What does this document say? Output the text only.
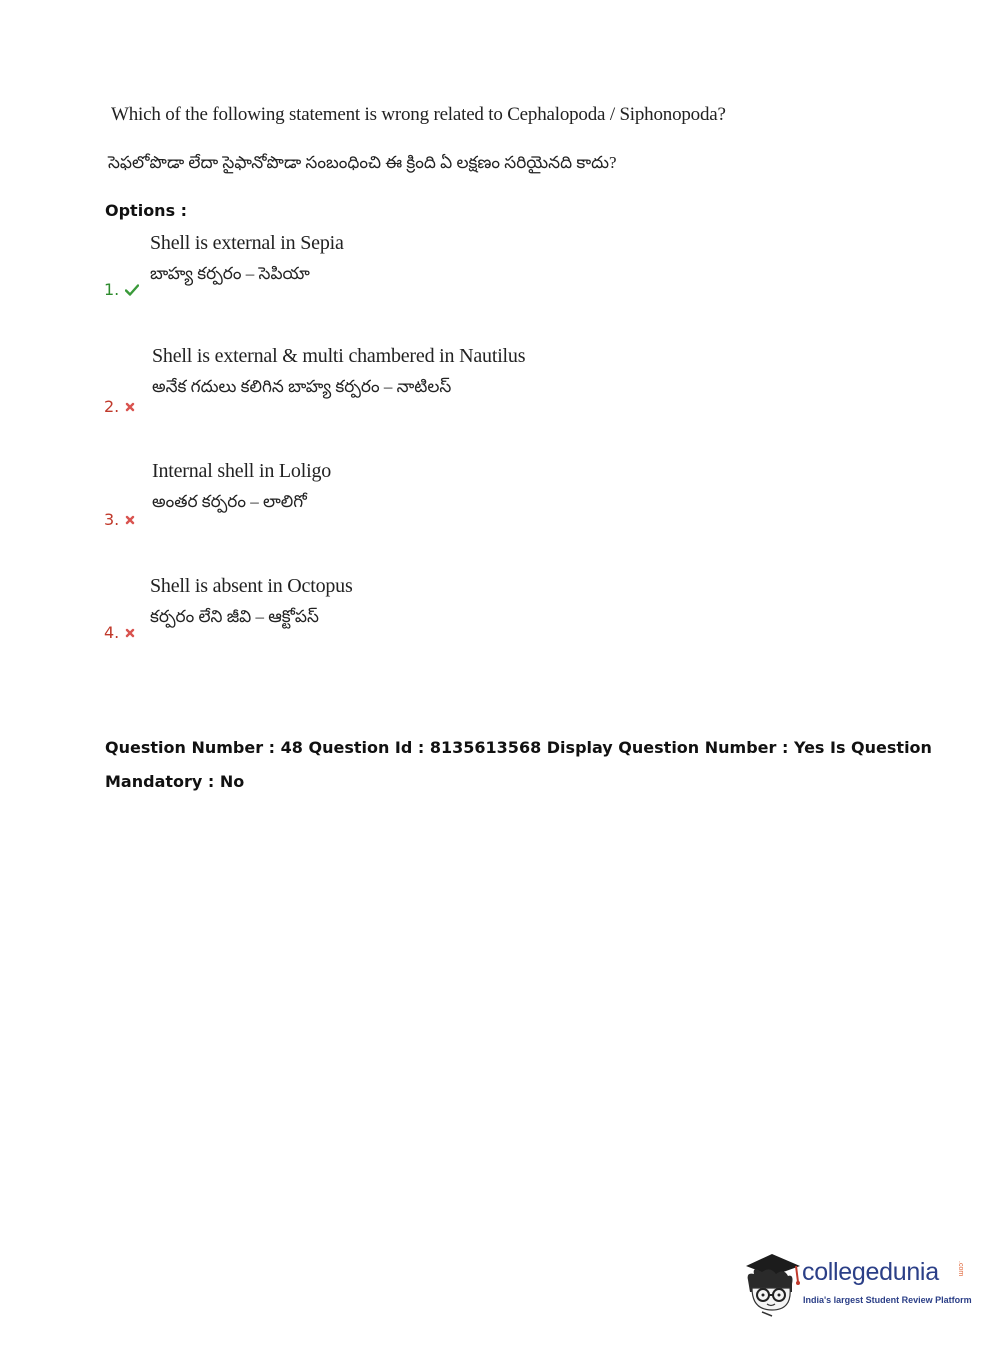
Which of the following statement is wrong related to Cephalopoda / Siphonopoda?
సెఫలోపొడా లేదా సైఫానోపొడా సంబంధించి ఈ క్రింది ఏ లక్షణం సరియైనది కాదు?
Options :
Shell is external in Sepia
బాహ్య కర్పరం – సెపియా
1.
Shell is external & multi chambered in Nautilus
అనేక గదులు కలిగిన బాహ్య కర్పరం – నాటిలస్
2.
Internal shell in Loligo
అంతర కర్పరం – లాలిగో
3.
Shell is absent in Octopus
కర్పరం లేని జీవి – ఆక్టోపస్
4.
Question Number : 48 Question Id : 8135613568 Display Question Number : Yes Is Question
Mandatory : No
collegedunia	.com
India's largest Student Review Platform
